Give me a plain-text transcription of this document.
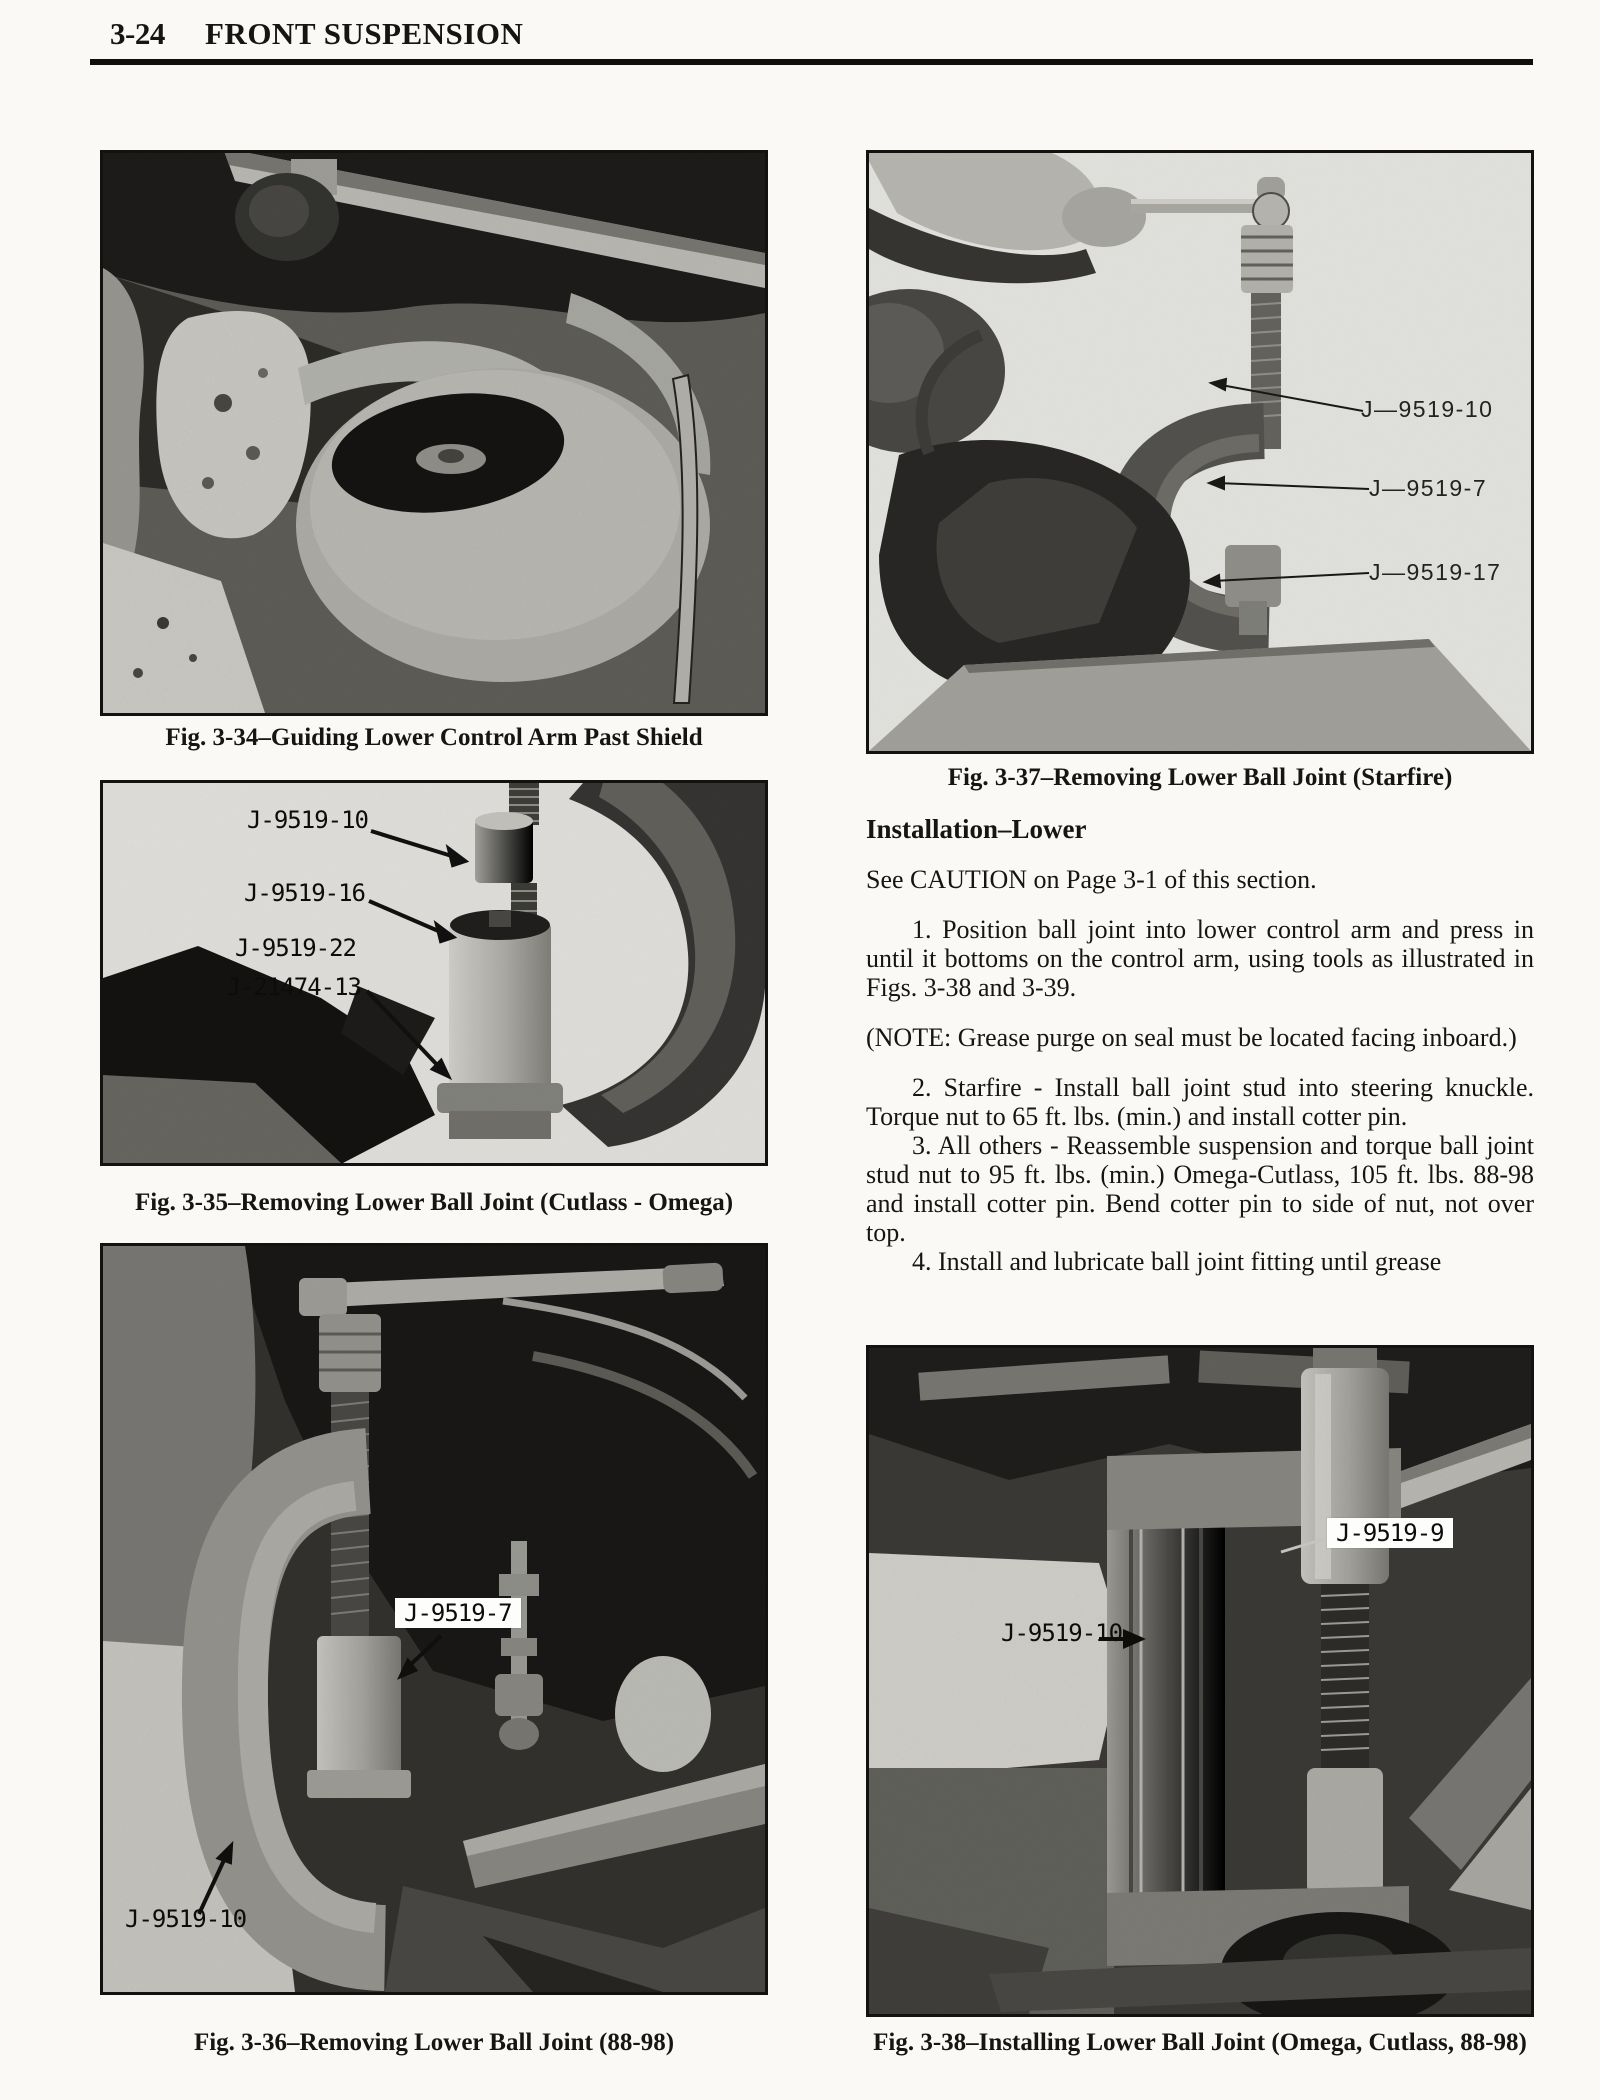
3-24 FRONT SUSPENSION
Fig. 3-34–Guiding Lower Control Arm Past Shield
J-9519-10
J-9519-16
J-9519-22
J-21474-13
Fig. 3-35–Removing Lower Ball Joint (Cutlass - Omega)
J-9519-7
J-9519-10
Fig. 3-36–Removing Lower Ball Joint (88-98)
J—9519-10
J—9519-7
J—9519-17
Fig. 3-37–Removing Lower Ball Joint (Starfire)
Installation–Lower

See CAUTION on Page 3-1 of this section.

1. Position ball joint into lower control arm and press in until it bottoms on the control arm, using tools as illustrated in Figs. 3-38 and 3-39.

(NOTE: Grease purge on seal must be located facing inboard.)

2. Starfire - Install ball joint stud into steering knuckle. Torque nut to 65 ft. lbs. (min.) and install cotter pin.

3. All others - Reassemble suspension and torque ball joint stud nut to 95 ft. lbs. (min.) Omega-Cutlass, 105 ft. lbs. 88-98 and install cotter pin. Bend cotter pin to side of nut, not over top.

4. Install and lubricate ball joint fitting until grease

J-9519-9
J-9519-10
Fig. 3-38–Installing Lower Ball Joint (Omega, Cutlass, 88-98)
